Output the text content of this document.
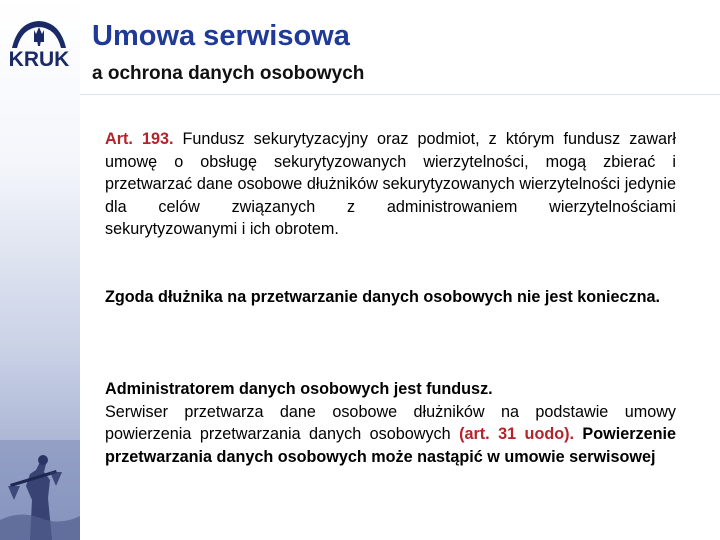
KRUK
Umowa serwisowa
a ochrona danych osobowych

Art. 193. Fundusz sekurytyzacyjny oraz podmiot, z którym fundusz zawarł umowę o obsługę sekurytyzowanych wierzytelności, mogą zbierać i przetwarzać dane osobowe dłużników sekurytyzowanych wierzytelności jedynie dla celów związanych z administrowaniem wierzytelnościami sekurytyzowanymi i ich obrotem.

Zgoda dłużnika na przetwarzanie danych osobowych nie jest konieczna.

Administratorem danych osobowych jest fundusz.
Serwiser przetwarza dane osobowe dłużników na podstawie umowy powierzenia przetwarzania danych osobowych (art. 31 uodo). Powierzenie przetwarzania danych osobowych może nastąpić w umowie serwisowej
